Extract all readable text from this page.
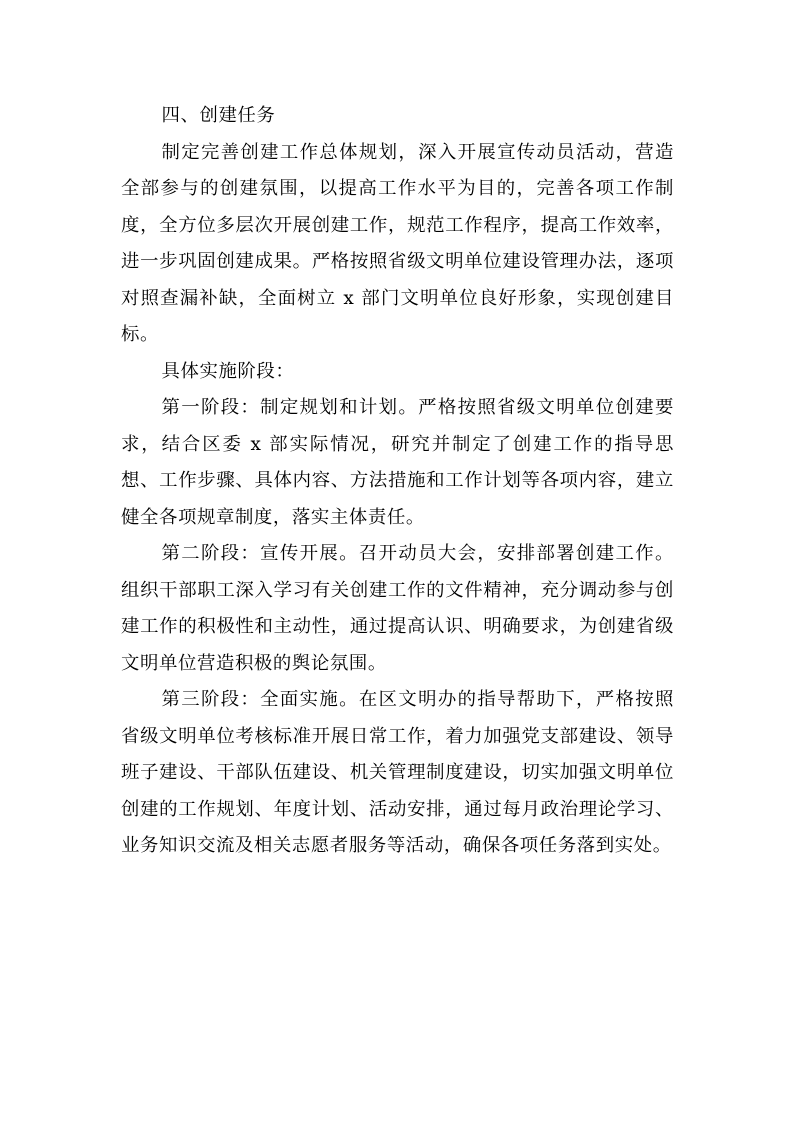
四、创建任务

制定完善创建工作总体规划，深入开展宣传动员活动，营造全部参与的创建氛围，以提高工作水平为目的，完善各项工作制度，全方位多层次开展创建工作，规范工作程序，提高工作效率，进一步巩固创建成果。严格按照省级文明单位建设管理办法，逐项对照查漏补缺，全面树立 x 部门文明单位良好形象，实现创建目标。

具体实施阶段：

第一阶段：制定规划和计划。严格按照省级文明单位创建要求，结合区委 x 部实际情况，研究并制定了创建工作的指导思想、工作步骤、具体内容、方法措施和工作计划等各项内容，建立健全各项规章制度，落实主体责任。

第二阶段：宣传开展。召开动员大会，安排部署创建工作。组织干部职工深入学习有关创建工作的文件精神，充分调动参与创建工作的积极性和主动性，通过提高认识、明确要求，为创建省级文明单位营造积极的舆论氛围。

第三阶段：全面实施。在区文明办的指导帮助下，严格按照省级文明单位考核标准开展日常工作，着力加强党支部建设、领导班子建设、干部队伍建设、机关管理制度建设，切实加强文明单位创建的工作规划、年度计划、活动安排，通过每月政治理论学习、业务知识交流及相关志愿者服务等活动，确保各项任务落到实处。
